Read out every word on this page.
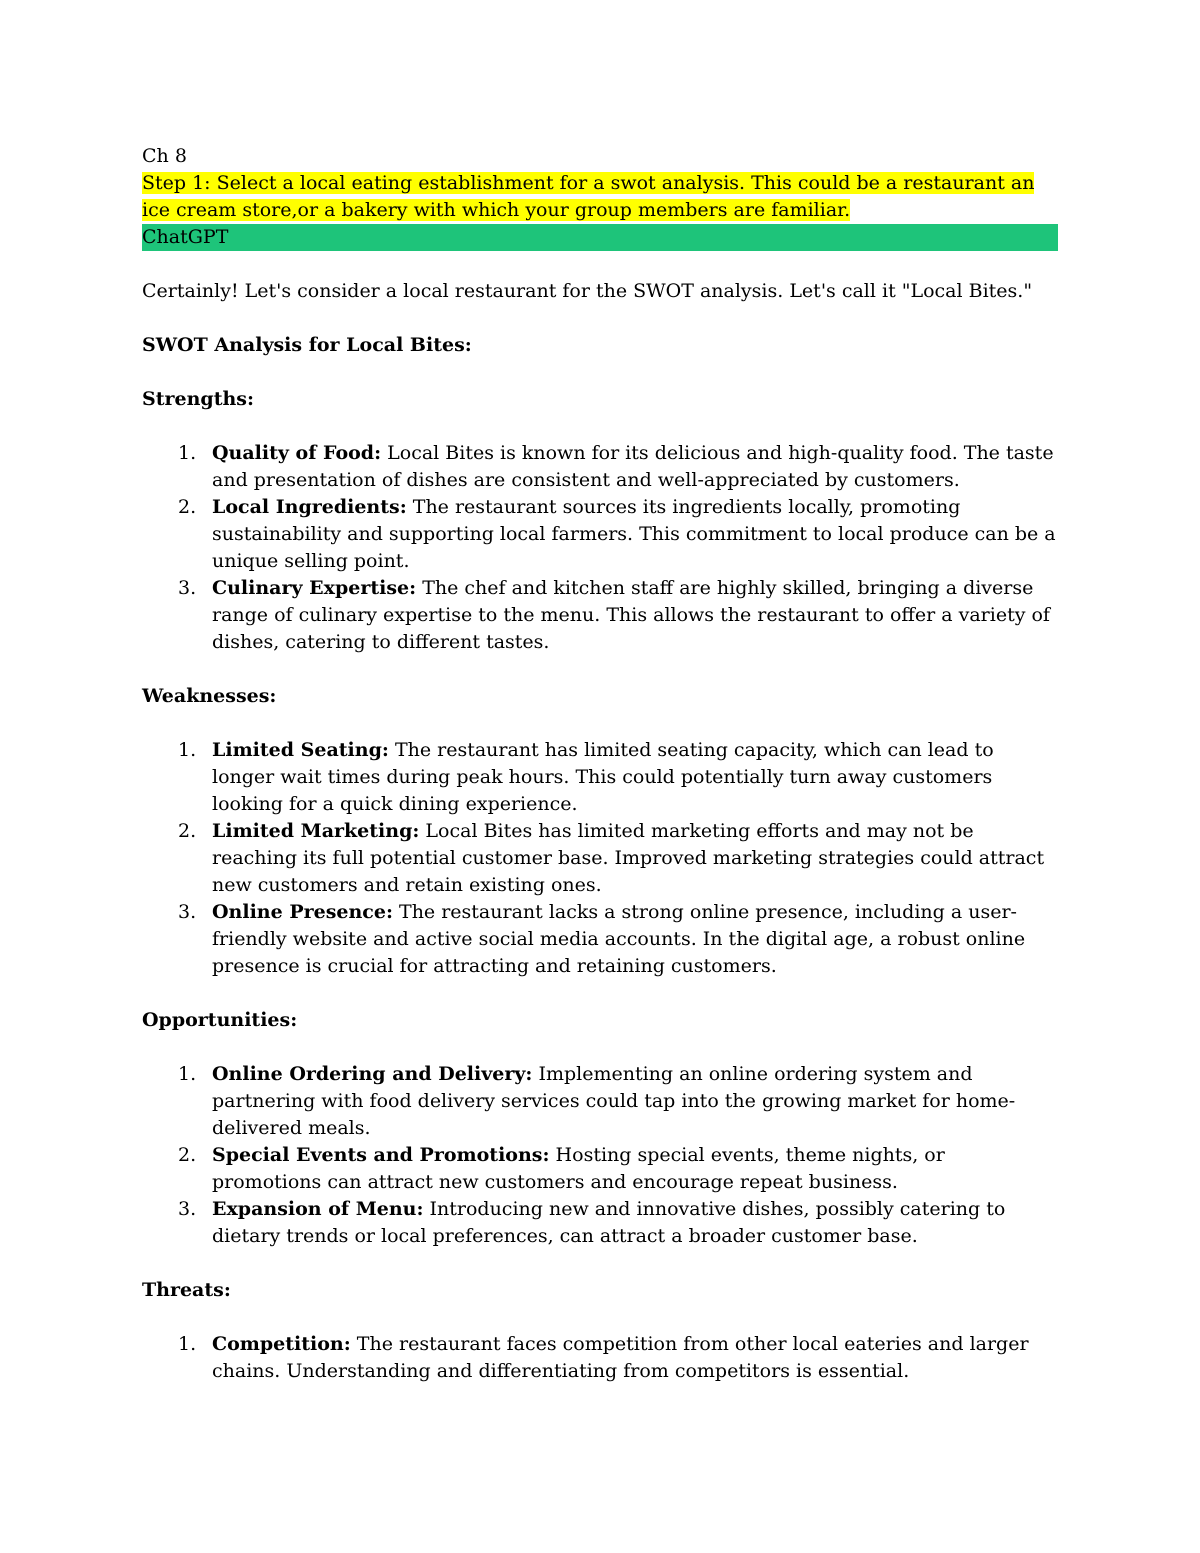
Ch 8
Step 1: Select a local eating establishment for a swot analysis. This could be a restaurant an ice cream store,or a bakery with which your group members are familiar.
ChatGPT
Certainly! Let's consider a local restaurant for the SWOT analysis. Let's call it "Local Bites."
SWOT Analysis for Local Bites:
Strengths:
1. Quality of Food: Local Bites is known for its delicious and high-quality food. The taste and presentation of dishes are consistent and well-appreciated by customers.
2. Local Ingredients: The restaurant sources its ingredients locally, promoting sustainability and supporting local farmers. This commitment to local produce can be a unique selling point.
3. Culinary Expertise: The chef and kitchen staff are highly skilled, bringing a diverse range of culinary expertise to the menu. This allows the restaurant to offer a variety of dishes, catering to different tastes.
Weaknesses:
1. Limited Seating: The restaurant has limited seating capacity, which can lead to longer wait times during peak hours. This could potentially turn away customers looking for a quick dining experience.
2. Limited Marketing: Local Bites has limited marketing efforts and may not be reaching its full potential customer base. Improved marketing strategies could attract new customers and retain existing ones.
3. Online Presence: The restaurant lacks a strong online presence, including a user-friendly website and active social media accounts. In the digital age, a robust online presence is crucial for attracting and retaining customers.
Opportunities:
1. Online Ordering and Delivery: Implementing an online ordering system and partnering with food delivery services could tap into the growing market for home-delivered meals.
2. Special Events and Promotions: Hosting special events, theme nights, or promotions can attract new customers and encourage repeat business.
3. Expansion of Menu: Introducing new and innovative dishes, possibly catering to dietary trends or local preferences, can attract a broader customer base.
Threats:
1. Competition: The restaurant faces competition from other local eateries and larger chains. Understanding and differentiating from competitors is essential.
